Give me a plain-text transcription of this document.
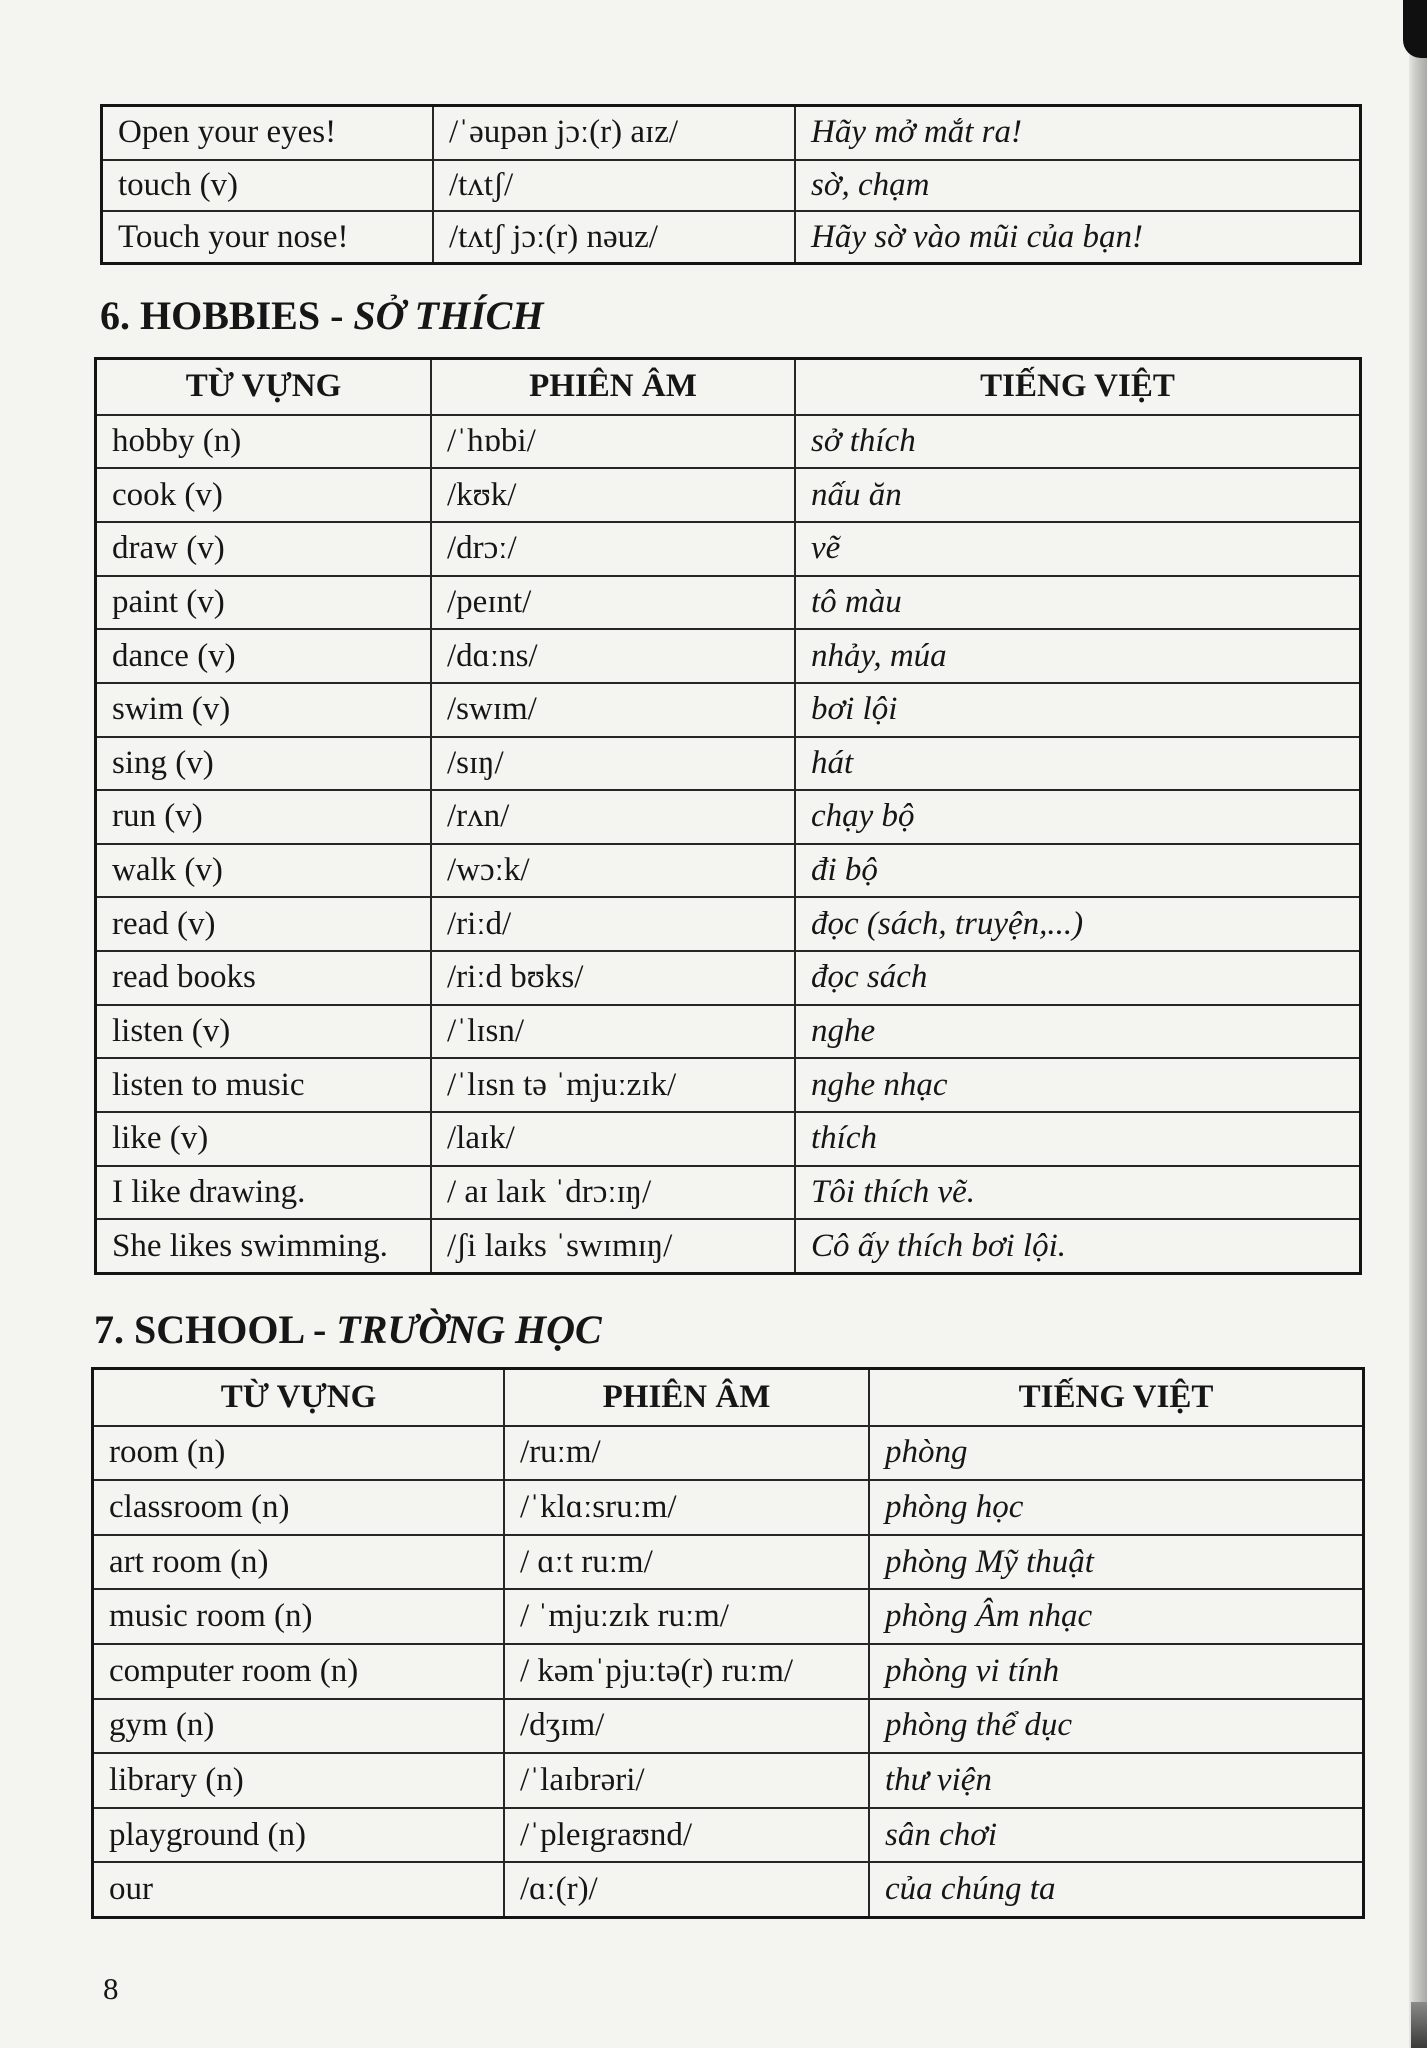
Open your eyes!	/ˈəupən jɔː(r) aɪz/	Hãy mở mắt ra!
touch (v)	/tʌtʃ/	sờ, chạm
Touch your nose!	/tʌtʃ jɔː(r) nəuz/	Hãy sờ vào mũi của bạn!
6. HOBBIES - SỞ THÍCH
TỪ VỰNG	PHIÊN ÂM	TIẾNG VIỆT
hobby (n)	/ˈhɒbi/	sở thích
cook (v)	/kʊk/	nấu ăn
draw (v)	/drɔː/	vẽ
paint (v)	/peɪnt/	tô màu
dance (v)	/dɑːns/	nhảy, múa
swim (v)	/swɪm/	bơi lội
sing (v)	/sɪŋ/	hát
run (v)	/rʌn/	chạy bộ
walk (v)	/wɔːk/	đi bộ
read (v)	/riːd/	đọc (sách, truyện,...)
read books	/riːd bʊks/	đọc sách
listen (v)	/ˈlɪsn/	nghe
listen to music	/ˈlɪsn tə ˈmjuːzɪk/	nghe nhạc
like (v)	/laɪk/	thích
I like drawing.	/ aɪ laɪk ˈdrɔːɪŋ/	Tôi thích vẽ.
She likes swimming.	/ʃi laɪks ˈswɪmɪŋ/	Cô ấy thích bơi lội.
7. SCHOOL - TRƯỜNG HỌC
TỪ VỰNG	PHIÊN ÂM	TIẾNG VIỆT
room (n)	/ruːm/	phòng
classroom (n)	/ˈklɑːsruːm/	phòng học
art room (n)	/ ɑːt ruːm/	phòng Mỹ thuật
music room (n)	/ ˈmjuːzɪk ruːm/	phòng Âm nhạc
computer room (n)	/ kəmˈpjuːtə(r) ruːm/	phòng vi tính
gym (n)	/dʒɪm/	phòng thể dục
library (n)	/ˈlaɪbrəri/	thư viện
playground (n)	/ˈpleɪgraʊnd/	sân chơi
our	/ɑː(r)/	của chúng ta
8
